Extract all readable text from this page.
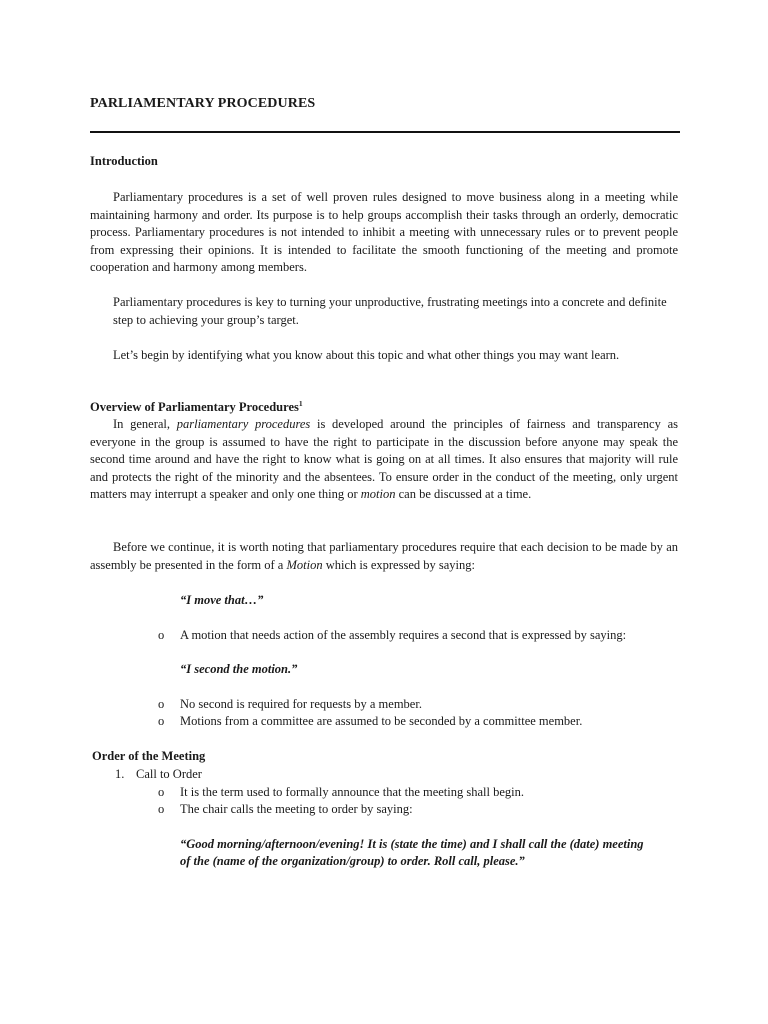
PARLIAMENTARY PROCEDURES

Introduction

Parliamentary procedures is a set of well proven rules designed to move business along in a meeting while maintaining harmony and order. Its purpose is to help groups accomplish their tasks through an orderly, democratic process. Parliamentary procedures is not intended to inhibit a meeting with unnecessary rules or to prevent people from expressing their opinions. It is intended to facilitate the smooth functioning of the meeting and promote cooperation and harmony among members.

Parliamentary procedures is key to turning your unproductive, frustrating meetings into a concrete and definite step to achieving your group’s target.

Let’s begin by identifying what you know about this topic and what other things you may want learn.

Overview of Parliamentary Procedures$^1$

In general, parliamentary procedures is developed around the principles of fairness and transparency as everyone in the group is assumed to have the right to participate in the discussion before anyone may speak the second time around and have the right to know what is going on at all times. It also ensures that majority will rule and protects the right of the minority and the absentees. To ensure order in the conduct of the meeting, only urgent matters may interrupt a speaker and only one thing or motion can be discussed at a time.

Before we continue, it is worth noting that parliamentary procedures require that each decision to be made by an assembly be presented in the form of a Motion which is expressed by saying:

“I move that…”

o	A motion that needs action of the assembly requires a second that is expressed by saying:

“I second the motion.”

o	No second is required for requests by a member.

o	Motions from a committee are assumed to be seconded by a committee member.

Order of the Meeting

1. Call to Order

o	It is the term used to formally announce that the meeting shall begin.

o	The chair calls the meeting to order by saying:

“Good morning/afternoon/evening! It is (state the time) and I shall call the (date) meeting

of the (name of the organization/group) to order. Roll call, please.”
